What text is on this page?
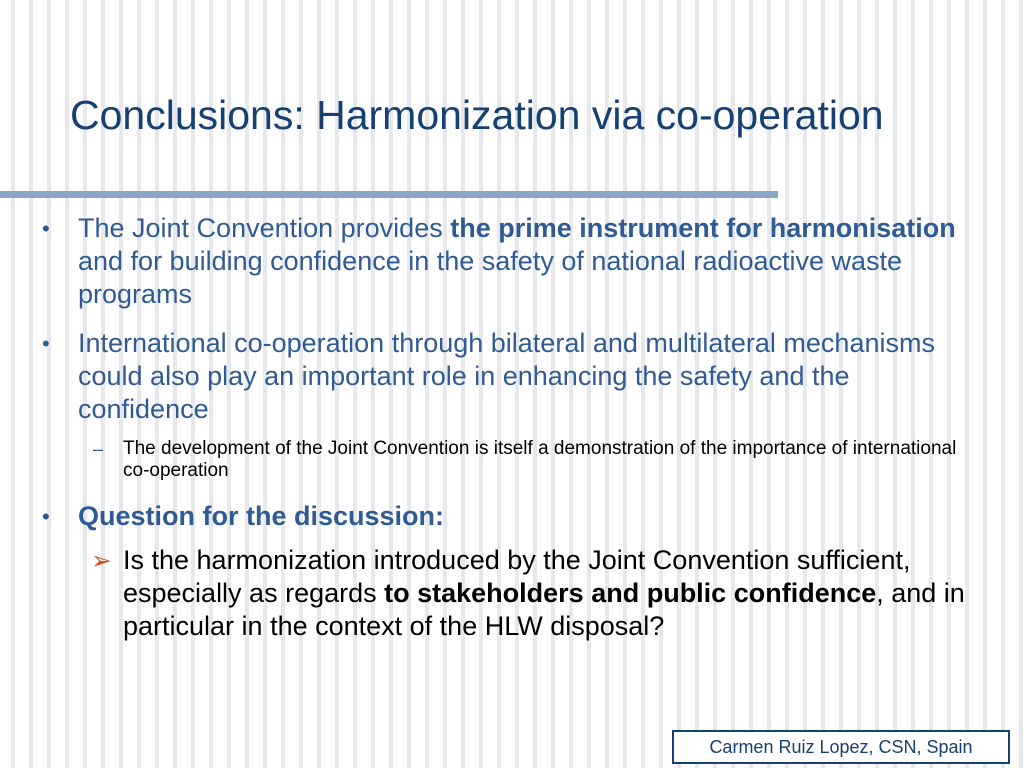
Conclusions: Harmonization via co-operation
• The Joint Convention provides the prime instrument for harmonisation and for building confidence in the safety of national radioactive waste programs
• International co-operation through bilateral and multilateral mechanisms could also play an important role in enhancing the safety and the confidence
– The development of the Joint Convention is itself a demonstration of the importance of international co-operation
• Question for the discussion:
➢ Is the harmonization introduced by the Joint Convention sufficient, especially as regards to stakeholders and public confidence, and in particular in the context of the HLW disposal?
Carmen Ruiz Lopez, CSN, Spain
